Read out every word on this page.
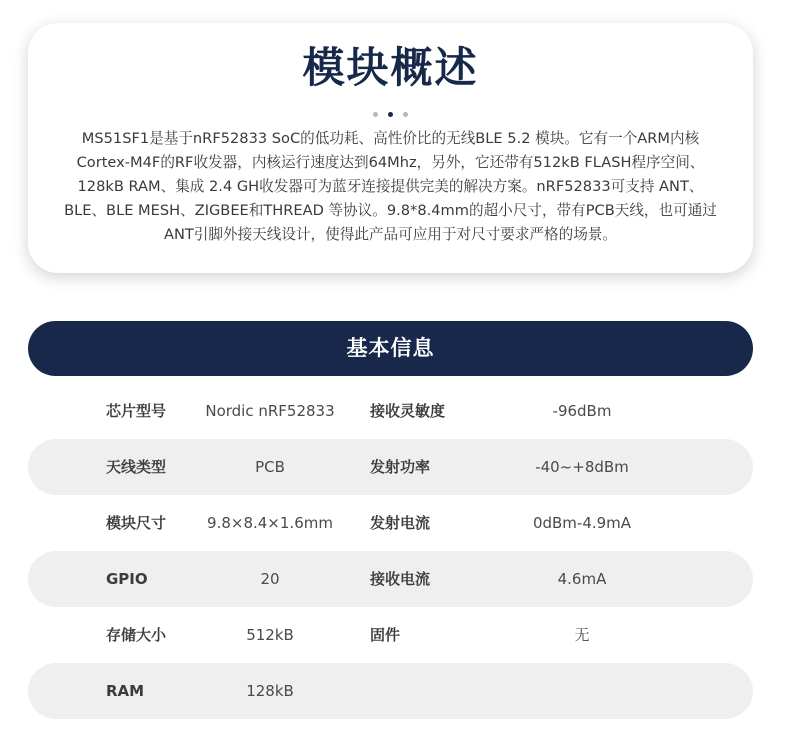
模块概述
MS51SF1是基于nRF52833 SoC的低功耗、高性价比的无线BLE 5.2 模块。它有一个ARM内核Cortex-M4F的RF收发器，内核运行速度达到64Mhz，另外，它还带有512kB FLASH程序空间、128kB RAM、集成 2.4 GH收发器可为蓝牙连接提供完美的解决方案。nRF52833可支持 ANT、BLE、BLE MESH、ZIGBEE和THREAD 等协议。9.8*8.4mm的超小尺寸，带有PCB天线，也可通过ANT引脚外接天线设计，使得此产品可应用于对尺寸要求严格的场景。
基本信息
芯片型号	Nordic nRF52833	接收灵敏度	-96dBm
天线类型	PCB	发射功率	-40~+8dBm
模块尺寸	9.8×8.4×1.6mm	发射电流	0dBm-4.9mA
GPIO	20	接收电流	4.6mA
存储大小	512kB	固件	无
RAM	128kB
